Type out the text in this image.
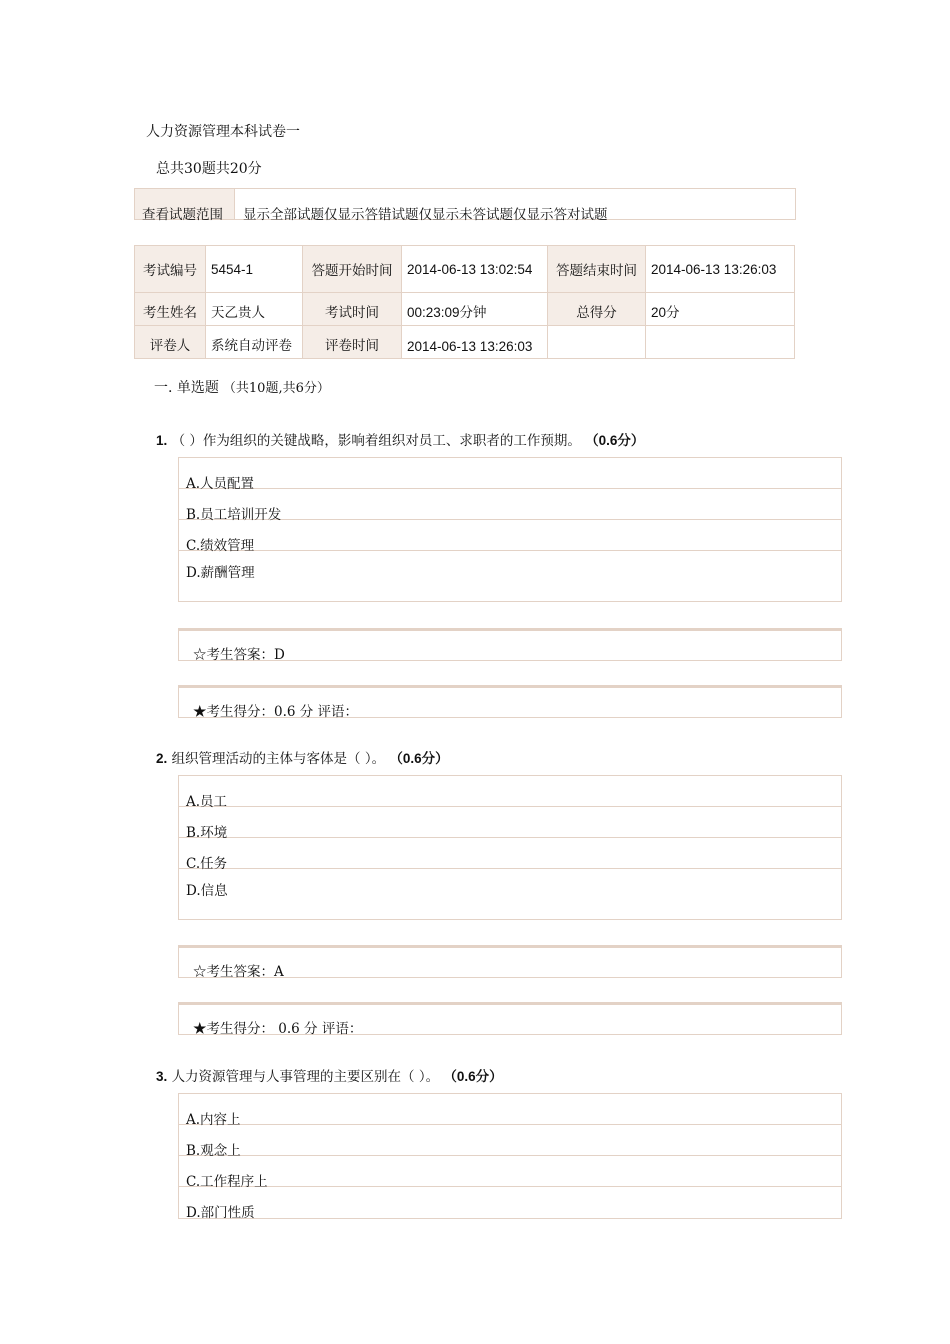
人力资源管理本科试卷一
总共30题共20分
查看试题范围	显示全部试题仅显示答错试题仅显示未答试题仅显示答对试题
考试编号	5454-1	答题开始时间	2014-06-13 13:02:54	答题结束时间	2014-06-13 13:26:03
考生姓名	天乙贵人	考试时间	00:23:09分钟	总得分	20分
评卷人	系统自动评卷	评卷时间	2014-06-13 13:26:03		
一. 单选题 （共10题,共6分）
1. （ ）作为组织的关键战略，影响着组织对员工、求职者的工作预期。 （0.6分）
A.人员配置
B.员工培训开发
C.绩效管理
D.薪酬管理
☆考生答案：D
★考生得分：0.6 分 评语：
2. 组织管理活动的主体与客体是（ ）。 （0.6分）
A.员工
B.环境
C.任务
D.信息
☆考生答案：A
★考生得分： 0.6 分 评语：
3. 人力资源管理与人事管理的主要区别在（ ）。 （0.6分）
A.内容上
B.观念上
C.工作程序上
D.部门性质
